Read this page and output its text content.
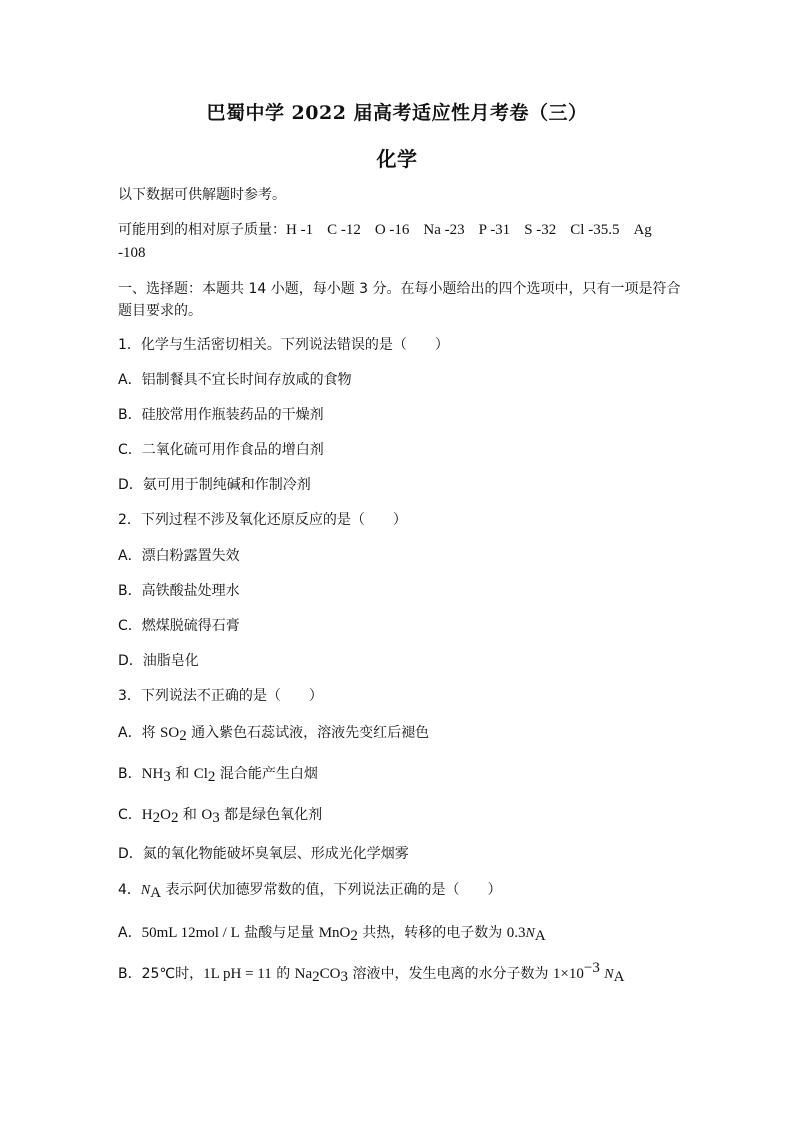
巴蜀中学 2022 届高考适应性月考卷（三）
化学
以下数据可供解题时参考。
可能用到的相对原子质量：H -1 C -12 O -16 Na -23 P -31 S -32 Cl -35.5 Ag
-108
一、选择题：本题共 14 小题，每小题 3 分。在每小题给出的四个选项中，只有一项是符合
题目要求的。
1．化学与生活密切相关。下列说法错误的是（　　）
A．铝制餐具不宜长时间存放咸的食物
B．硅胶常用作瓶装药品的干燥剂
C．二氧化硫可用作食品的增白剂
D．氨可用于制纯碱和作制冷剂
2．下列过程不涉及氧化还原反应的是（　　）
A．漂白粉露置失效
B．高铁酸盐处理水
C．燃煤脱硫得石膏
D．油脂皂化
3．下列说法不正确的是（　　）
A．将 $SO_2$ 通入紫色石蕊试液，溶液先变红后褪色
B．$NH_3$ 和 $Cl_2$ 混合能产生白烟
C．$H_2O_2$ 和 $O_3$ 都是绿色氧化剂
D．氮的氧化物能破坏臭氧层、形成光化学烟雾
4．$N_A$ 表示阿伏加德罗常数的值，下列说法正确的是（　　）
A．50mL 12mol / L 盐酸与足量 MnO$_2$ 共热，转移的电子数为 $0.3N_A$
B．25℃时，1L pH = 11 的 $Na_2CO_3$ 溶液中，发生电离的水分子数为 $1\times 10^{-3}$ $N_A$
